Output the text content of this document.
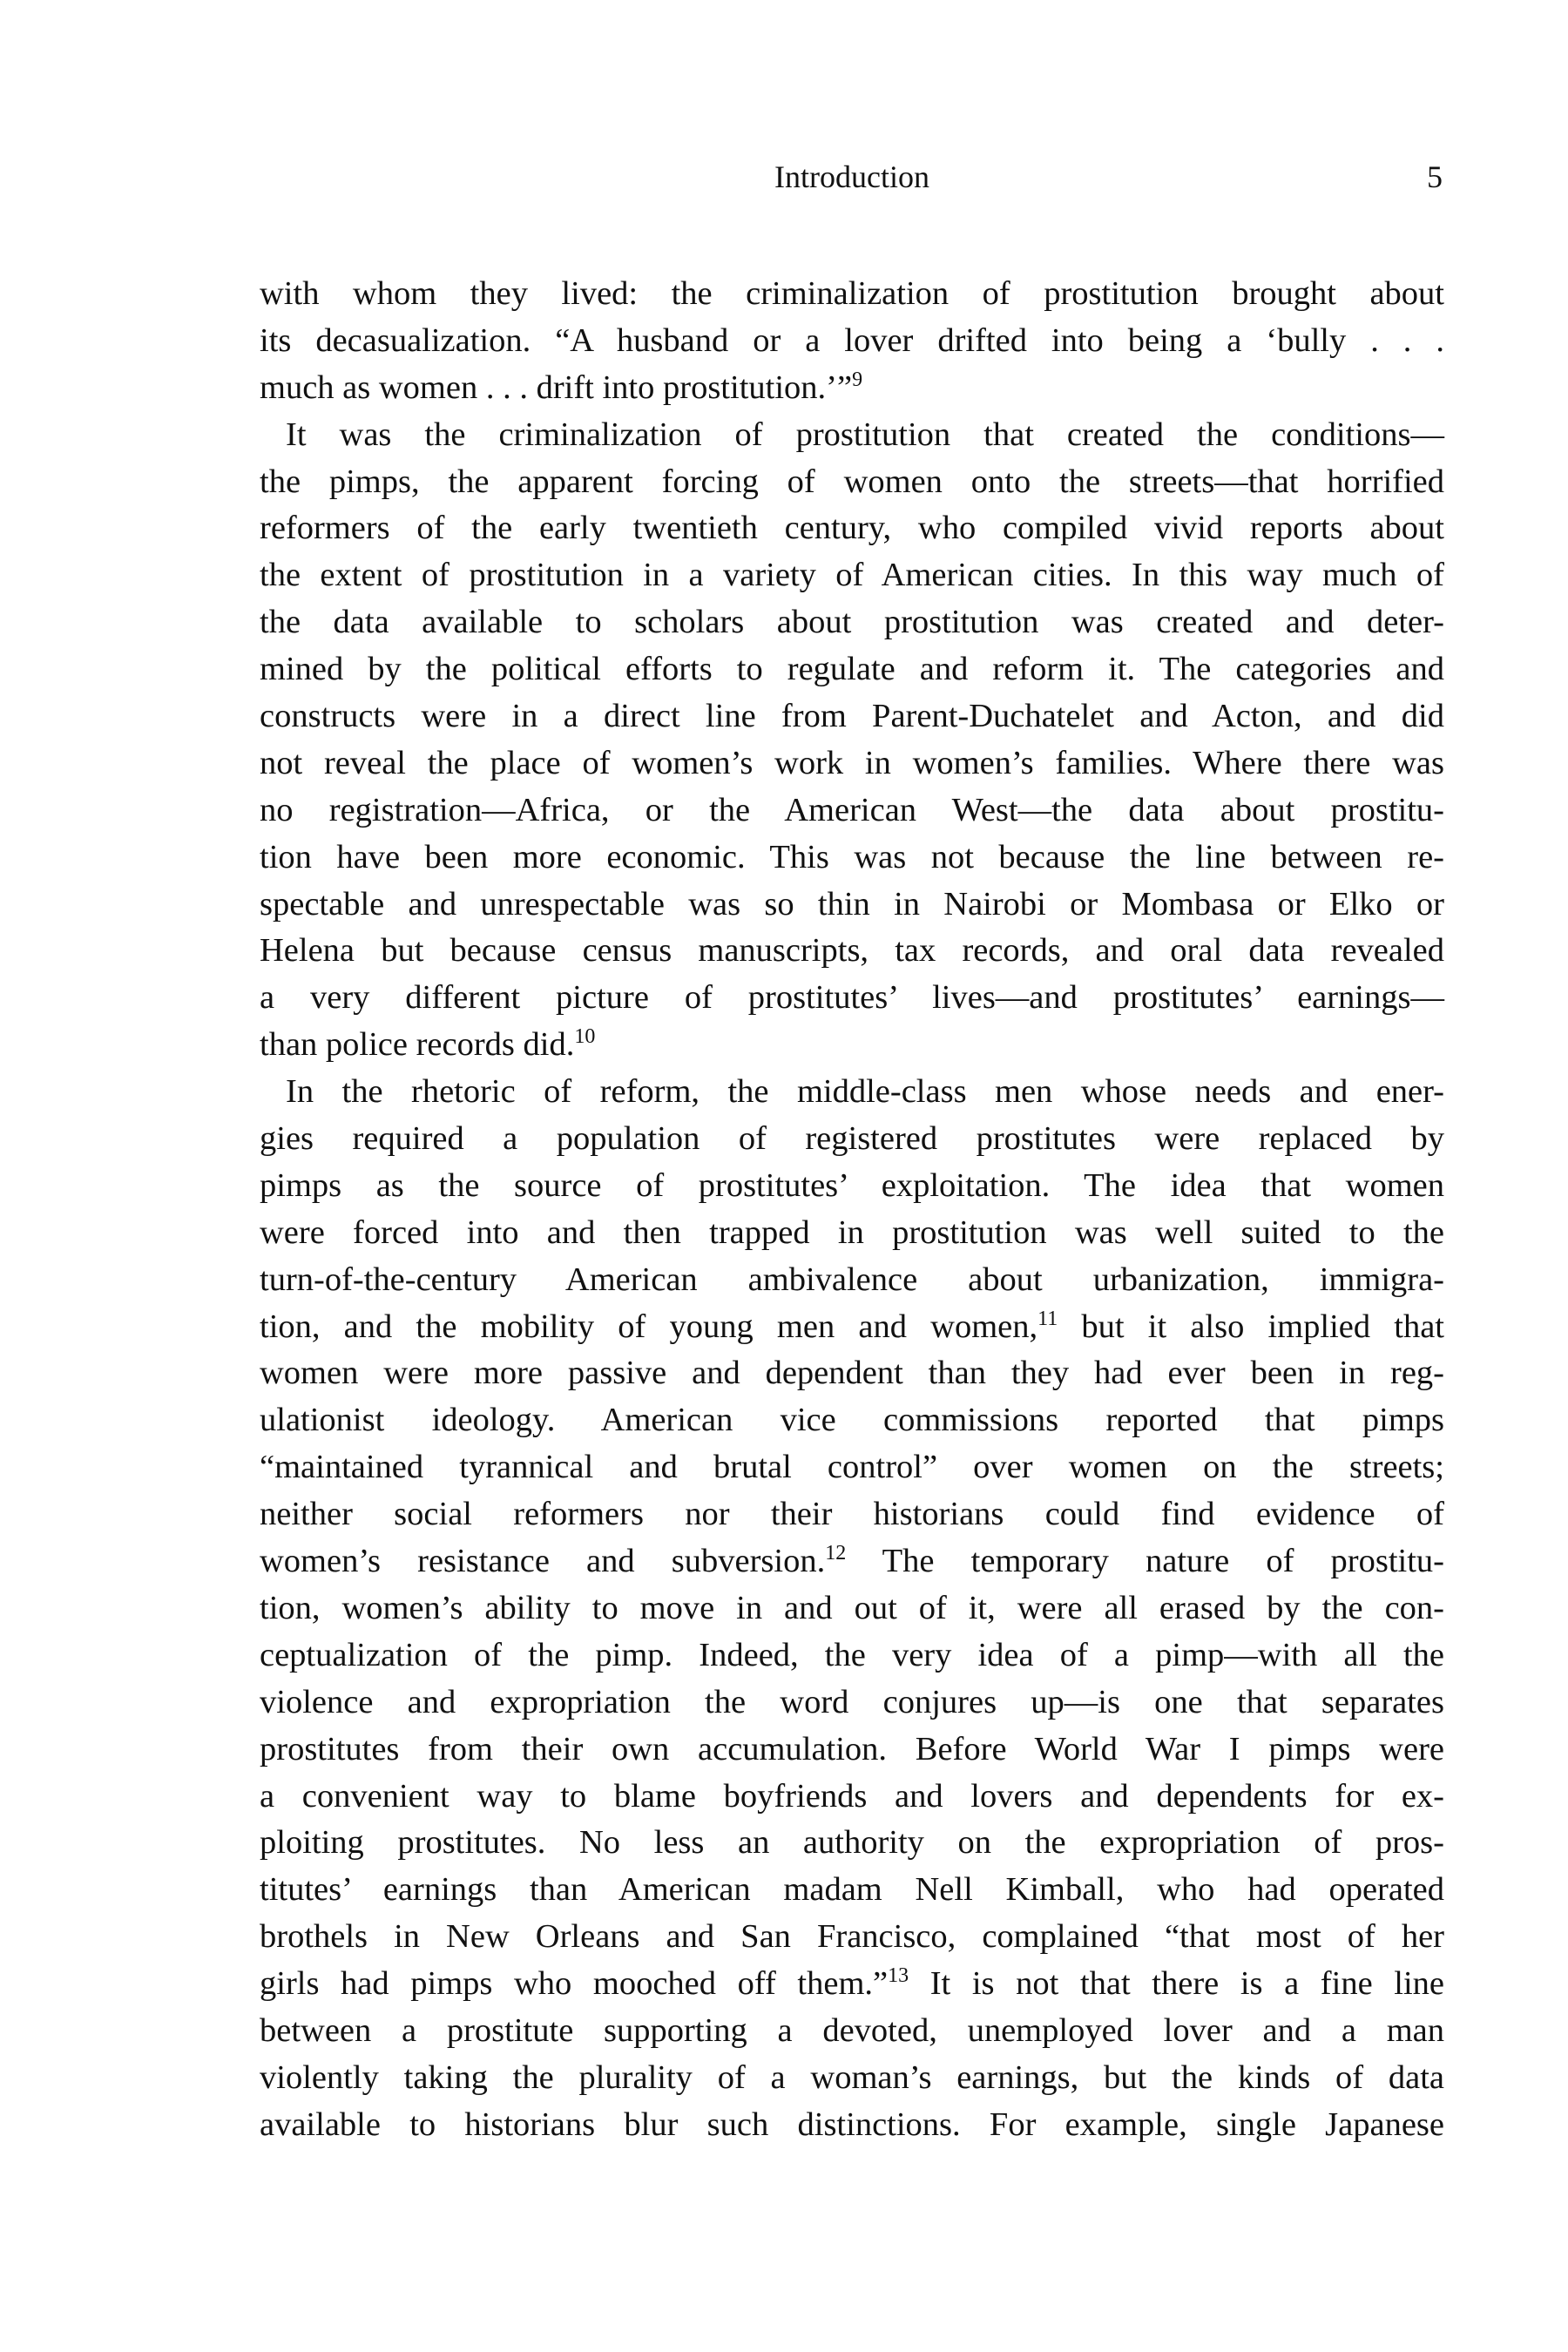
Introduction	5
with whom they lived: the criminalization of prostitution brought about
its decasualization. “A husband or a lover drifted into being a ‘bully . . .
much as women . . . drift into prostitution.’”$^9$
It was the criminalization of prostitution that created the conditions—
the pimps, the apparent forcing of women onto the streets—that horrified
reformers of the early twentieth century, who compiled vivid reports about
the extent of prostitution in a variety of American cities. In this way much of
the data available to scholars about prostitution was created and deter-
mined by the political efforts to regulate and reform it. The categories and
constructs were in a direct line from Parent-Duchatelet and Acton, and did
not reveal the place of women’s work in women’s families. Where there was
no registration—Africa, or the American West—the data about prostitu-
tion have been more economic. This was not because the line between re-
spectable and unrespectable was so thin in Nairobi or Mombasa or Elko or
Helena but because census manuscripts, tax records, and oral data revealed
a very different picture of prostitutes’ lives—and prostitutes’ earnings—
than police records did.$^{10}$
In the rhetoric of reform, the middle-class men whose needs and ener-
gies required a population of registered prostitutes were replaced by
pimps as the source of prostitutes’ exploitation. The idea that women
were forced into and then trapped in prostitution was well suited to the
turn-of-the-century American ambivalence about urbanization, immigra-
tion, and the mobility of young men and women,$^{11}$ but it also implied that
women were more passive and dependent than they had ever been in reg-
ulationist ideology. American vice commissions reported that pimps
“maintained tyrannical and brutal control” over women on the streets;
neither social reformers nor their historians could find evidence of
women’s resistance and subversion.$^{12}$ The temporary nature of prostitu-
tion, women’s ability to move in and out of it, were all erased by the con-
ceptualization of the pimp. Indeed, the very idea of a pimp—with all the
violence and expropriation the word conjures up—is one that separates
prostitutes from their own accumulation. Before World War I pimps were
a convenient way to blame boyfriends and lovers and dependents for ex-
ploiting prostitutes. No less an authority on the expropriation of pros-
titutes’ earnings than American madam Nell Kimball, who had operated
brothels in New Orleans and San Francisco, complained “that most of her
girls had pimps who mooched off them.”$^{13}$ It is not that there is a fine line
between a prostitute supporting a devoted, unemployed lover and a man
violently taking the plurality of a woman’s earnings, but the kinds of data
available to historians blur such distinctions. For example, single Japanese
